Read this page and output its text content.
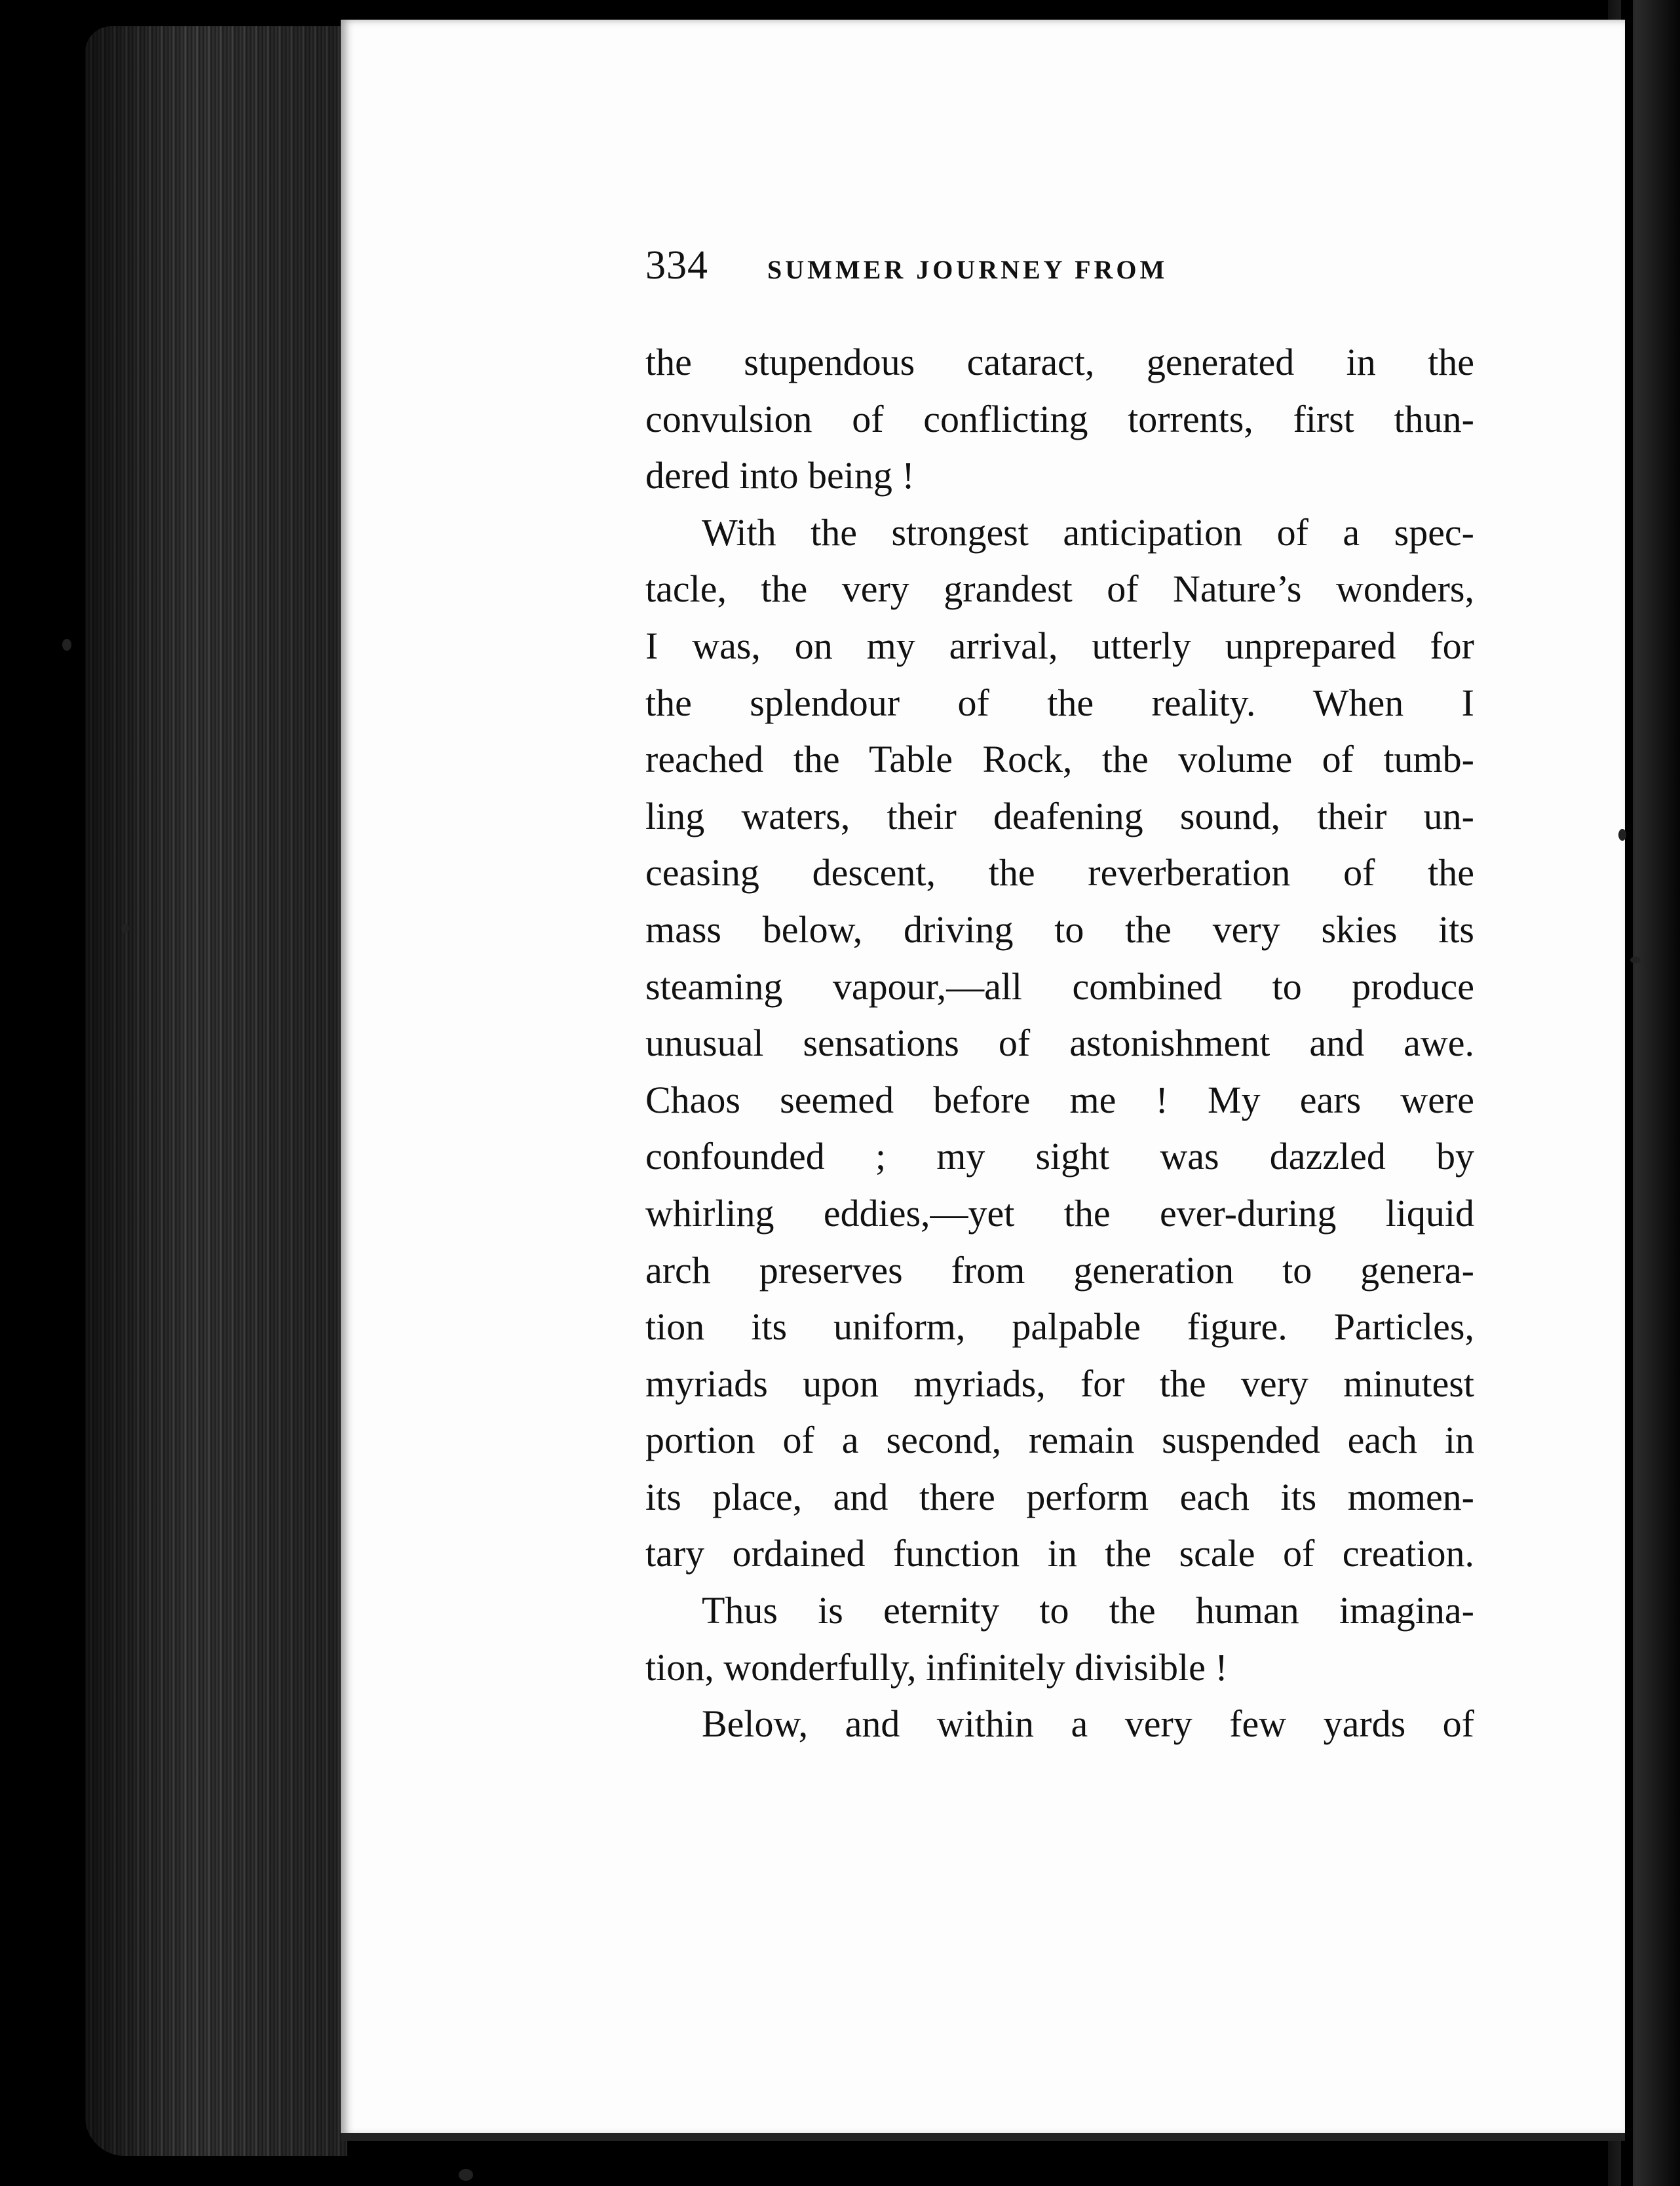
334 SUMMER JOURNEY FROM
the stupendous cataract, generated in the
convulsion of conflicting torrents, first thun-
dered into being !
With the strongest anticipation of a spec-
tacle, the very grandest of Nature’s wonders,
I was, on my arrival, utterly unprepared for
the splendour of the reality. When I
reached the Table Rock, the volume of tumb-
ling waters, their deafening sound, their un-
ceasing descent, the reverberation of the
mass below, driving to the very skies its
steaming vapour,—all combined to produce
unusual sensations of astonishment and awe.
Chaos seemed before me ! My ears were
confounded ; my sight was dazzled by
whirling eddies,—yet the ever-during liquid
arch preserves from generation to genera-
tion its uniform, palpable figure. Particles,
myriads upon myriads, for the very minutest
portion of a second, remain suspended each in
its place, and there perform each its momen-
tary ordained function in the scale of creation.
Thus is eternity to the human imagina-
tion, wonderfully, infinitely divisible !
Below, and within a very few yards of
